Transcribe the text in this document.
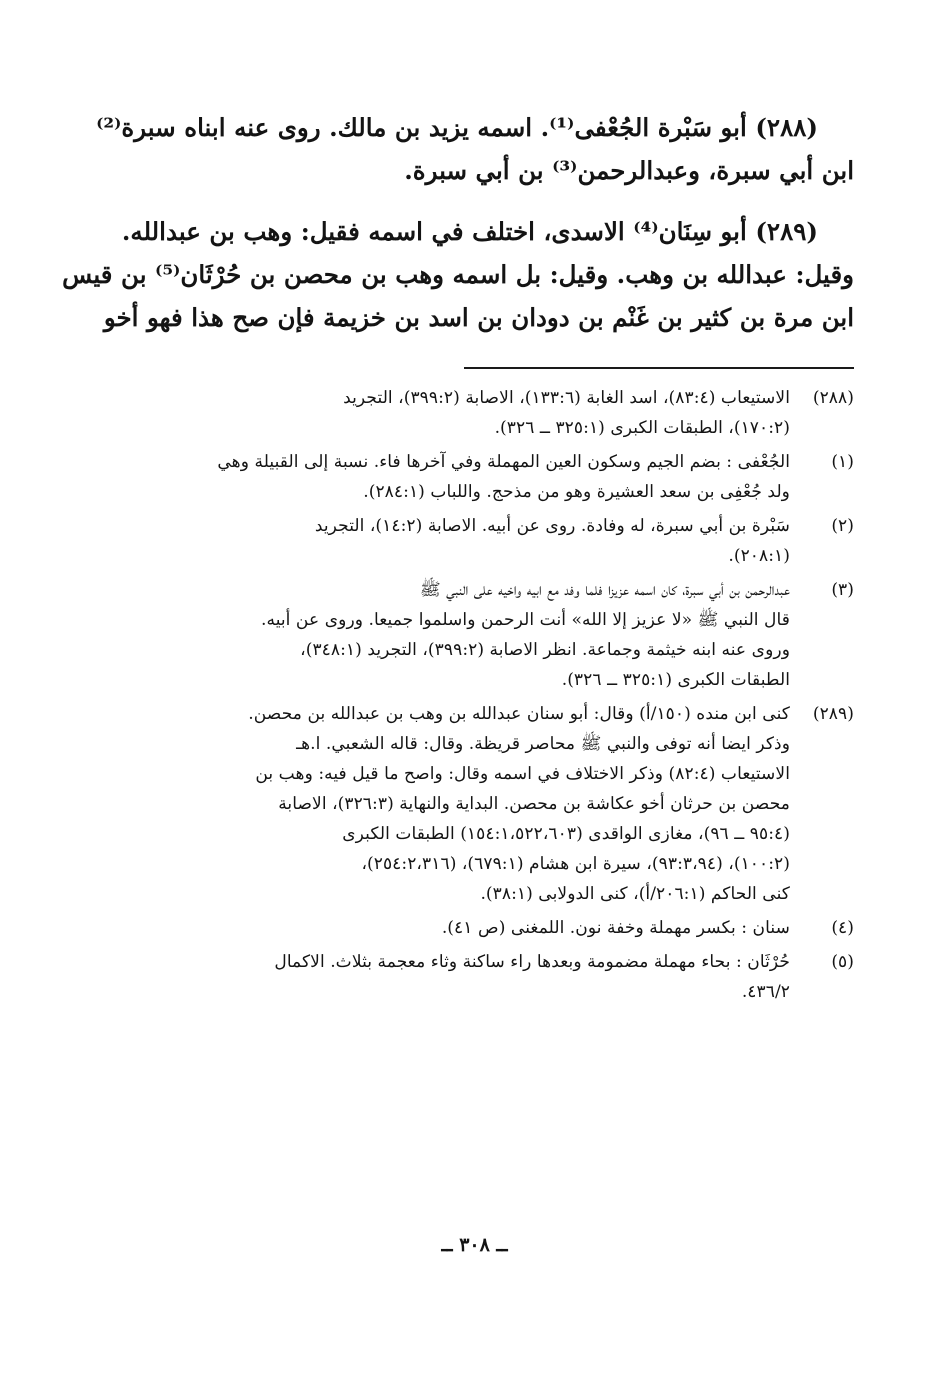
(٢٨٨) أبو سَبْرة الجُعْفى⁽¹⁾. اسمه يزيد بن مالك. روى عنه ابناه سبرة⁽²⁾

ابن أبي سبرة، وعبدالرحمن⁽³⁾ بن أبي سبرة.

(٢٨٩) أبو سِنَان⁽⁴⁾ الاسدى، اختلف في اسمه فقيل: وهب بن عبدالله.

وقيل: عبدالله بن وهب. وقيل: بل اسمه وهب بن محصن بن حُرْثَان⁽⁵⁾ بن قيس

ابن مرة بن كثير بن غَنْم بن دودان بن اسد بن خزيمة فإن صح هذا فهو أخو

(٢٨٨)

الاستيعاب (٨٣:٤)، اسد الغابة (١٣٣:٦)، الاصابة (٣٩٩:٢)، التجريد

(١٧٠:٢)، الطبقات الكبرى (٣٢٥:١ ــ ٣٢٦).

(١)

الجُعْفى : بضم الجيم وسكون العين المهملة وفي آخرها فاء. نسبة إلى القبيلة وهي

ولد جُعْفِى بن سعد العشيرة وهو من مذحج. واللباب (٢٨٤:١).

(٢)

سَبْرة بن أبي سبرة، له وفادة. روى عن أبيه. الاصابة (١٤:٢)، التجريد

(٢٠٨:١).

(٣)

عبدالرحمن بن أبي سبرة، كان اسمه عزيزا فلما وفد مع ابيه واخيه على النبي ﷺ

قال النبي ﷺ «لا عزيز إلا الله» أنت الرحمن واسلموا جميعا. وروى عن أبيه.

وروى عنه ابنه خيثمة وجماعة. انظر الاصابة (٣٩٩:٢)، التجريد (٣٤٨:١)،

الطبقات الكبرى (٣٢٥:١ ــ ٣٢٦).

(٢٨٩)

كنى ابن منده (١٥٠/أ) وقال: أبو سنان عبدالله بن وهب بن عبدالله بن محصن.

وذكر ايضا أنه توفى والنبي ﷺ محاصر قريظة. وقال: قاله الشعبي. ا.هـ

الاستيعاب (٨٢:٤) وذكر الاختلاف في اسمه وقال: واصح ما قيل فيه: وهب بن

محصن بن حرثان أخو عكاشة بن محصن. البداية والنهاية (٣٢٦:٣)، الاصابة

(٩٥:٤ ــ ٩٦)، مغازى الواقدى (١٥٤:١،٥٢٢،٦٠٣) الطبقات الكبرى

(١٠٠:٢)، (٩٣:٣،٩٤)، سيرة ابن هشام (٦٧٩:١)، (٢٥٤:٢،٣١٦)،

كنى الحاكم (٢٠٦:١/أ)، كنى الدولابى (٣٨:١).

(٤)

سنان : بكسر مهملة وخفة نون. اللمغنى (ص ٤١).

(٥)

حُرْثَان : بحاء مهملة مضمومة وبعدها راء ساكنة وثاء معجمة بثلاث. الاكمال

٤٣٦/٢.

ــ ٣٠٨ ــ
